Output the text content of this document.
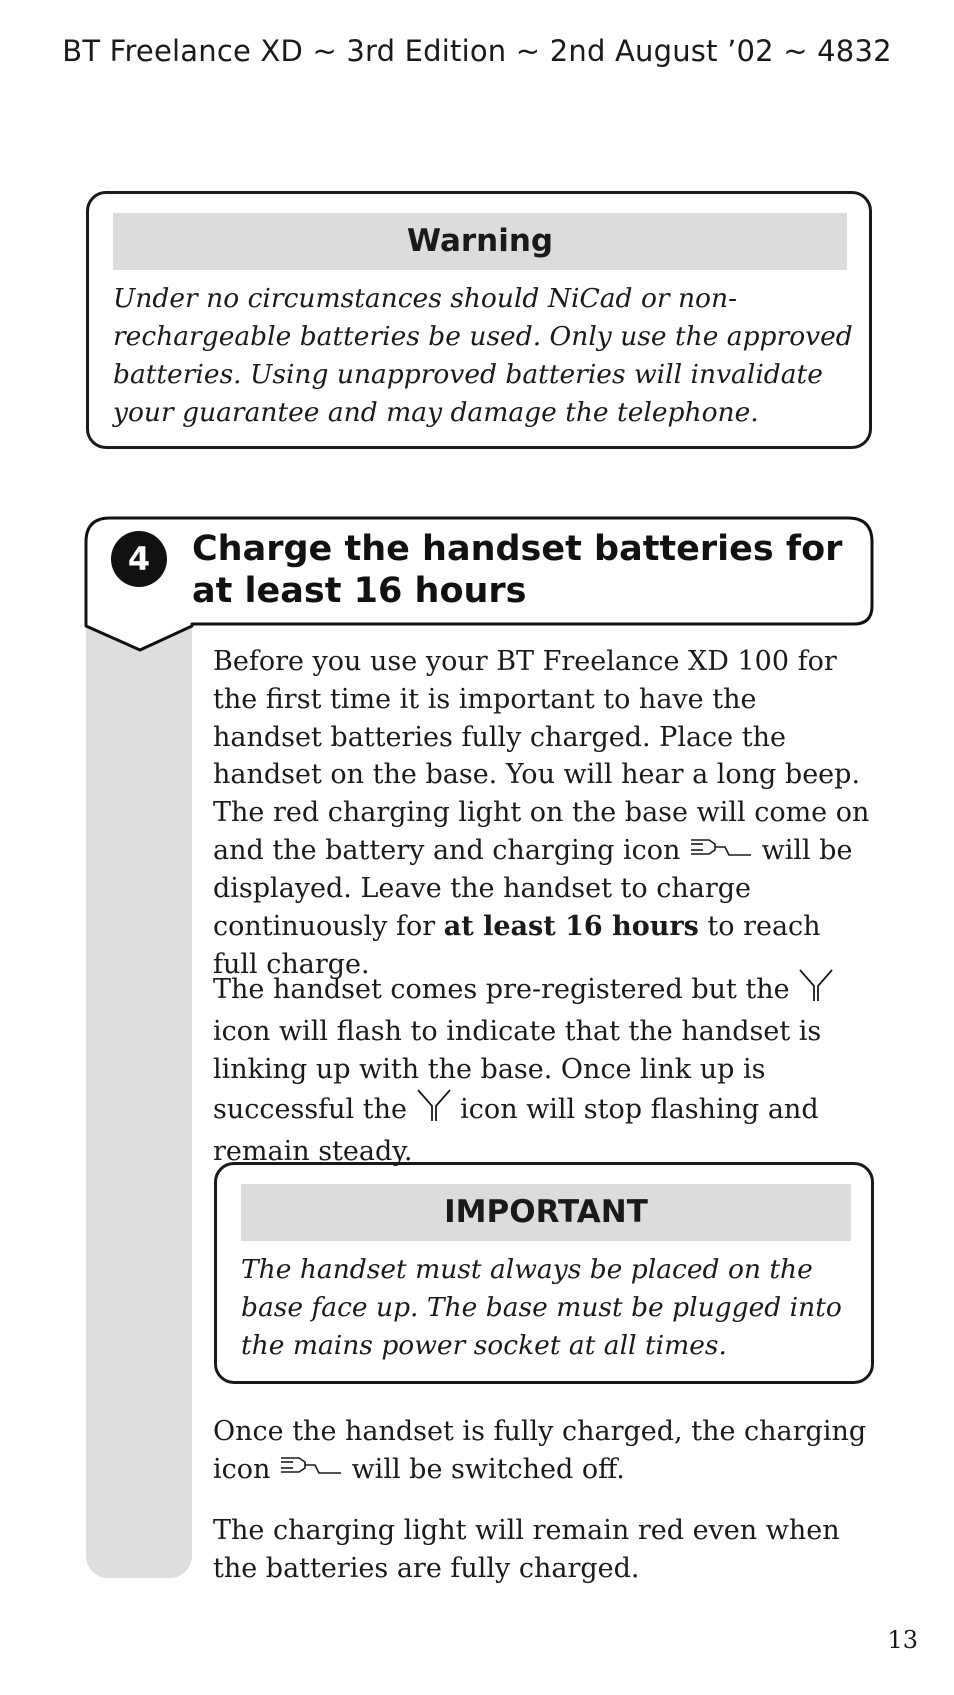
BT Freelance XD ~ 3rd Edition ~ 2nd August ’02 ~ 4832
Warning

Under no circumstances should NiCad or non-rechargeable batteries be used. Only use the approved batteries. Using unapproved batteries will invalidate your guarantee and may damage the telephone.

4	Charge the handset batteries for at least 16 hours

Before you use your BT Freelance XD 100 for the first time it is important to have the handset batteries fully charged. Place the handset on the base. You will hear a long beep. The red charging light on the base will come on and the battery and charging icon	will be displayed. Leave the handset to charge continuously for at least 16 hours to reach full charge.

The handset comes pre-registered but the  icon will flash to indicate that the handset is linking up with the base. Once link up is successful the  icon will stop flashing and remain steady.

IMPORTANT

The handset must always be placed on the base face up. The base must be plugged into the mains power socket at all times.

Once the handset is fully charged, the charging icon  will be switched off.

The charging light will remain red even when the batteries are fully charged.

13
